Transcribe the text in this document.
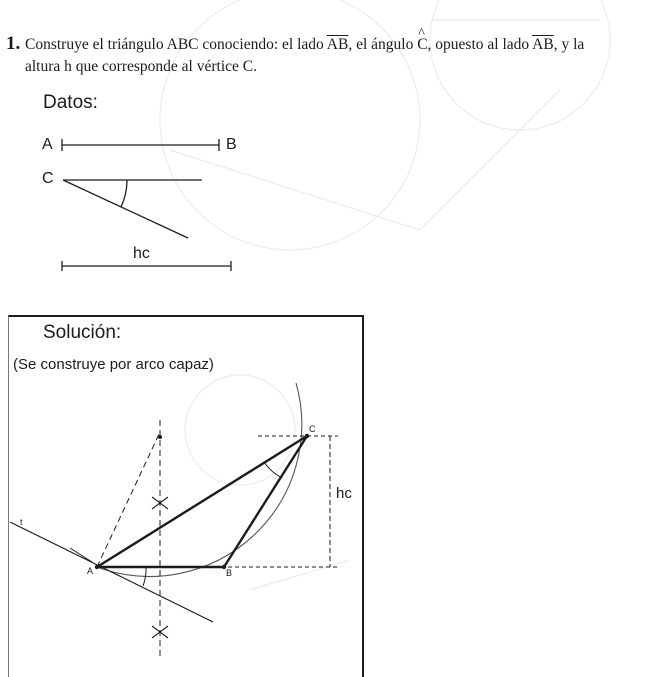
1. Construye el triángulo ABC conociendo: el lado $\overline{AB}$, el ángulo ^ C, opuesto al lado $\overline{AB}$, y la
altura h que corresponde al vértice C.
Datos:
A	B
C
hc
Solución:
(Se construye por arco capaz)
A	B
C
t
hc
